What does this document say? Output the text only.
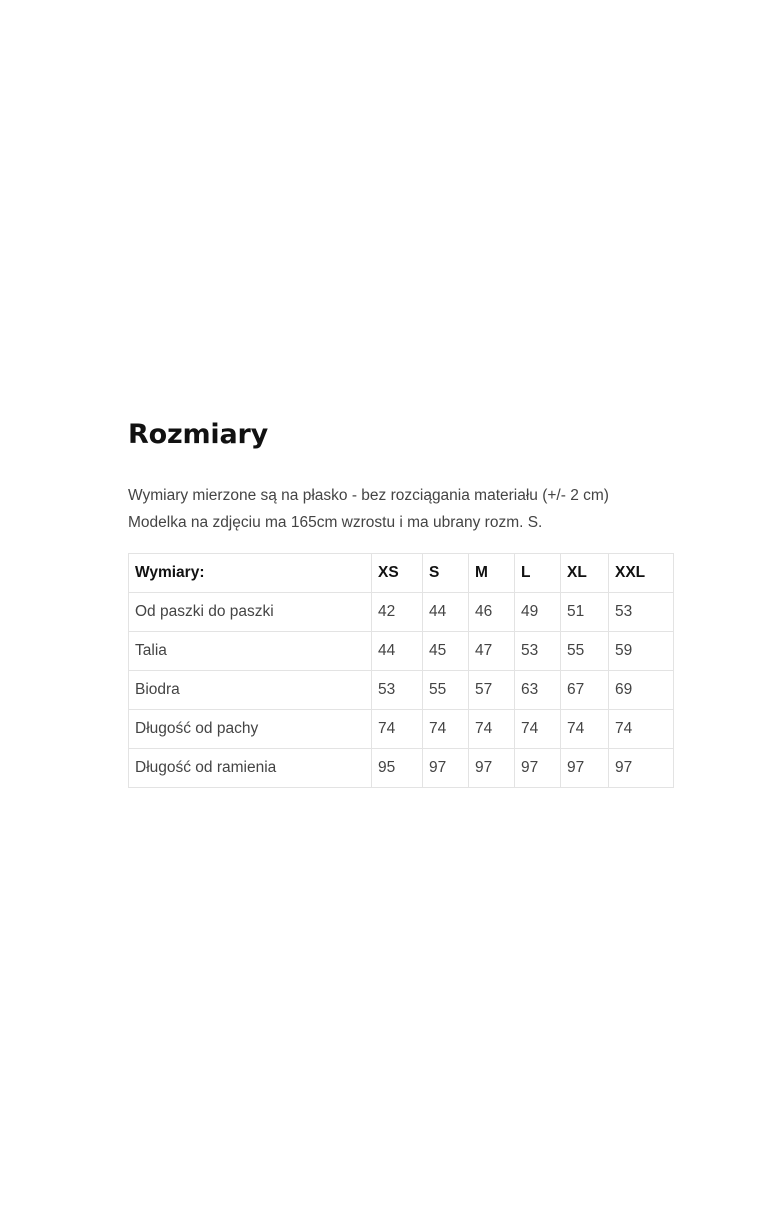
Rozmiary
Wymiary mierzone są na płasko - bez rozciągania materiału (+/- 2 cm)
Modelka na zdjęciu ma 165cm wzrostu i ma ubrany rozm. S.
Wymiary:	XS	S	M	L	XL	XXL
Od paszki do paszki	42	44	46	49	51	53
Talia	44	45	47	53	55	59
Biodra	53	55	57	63	67	69
Długość od pachy	74	74	74	74	74	74
Długość od ramienia	95	97	97	97	97	97
